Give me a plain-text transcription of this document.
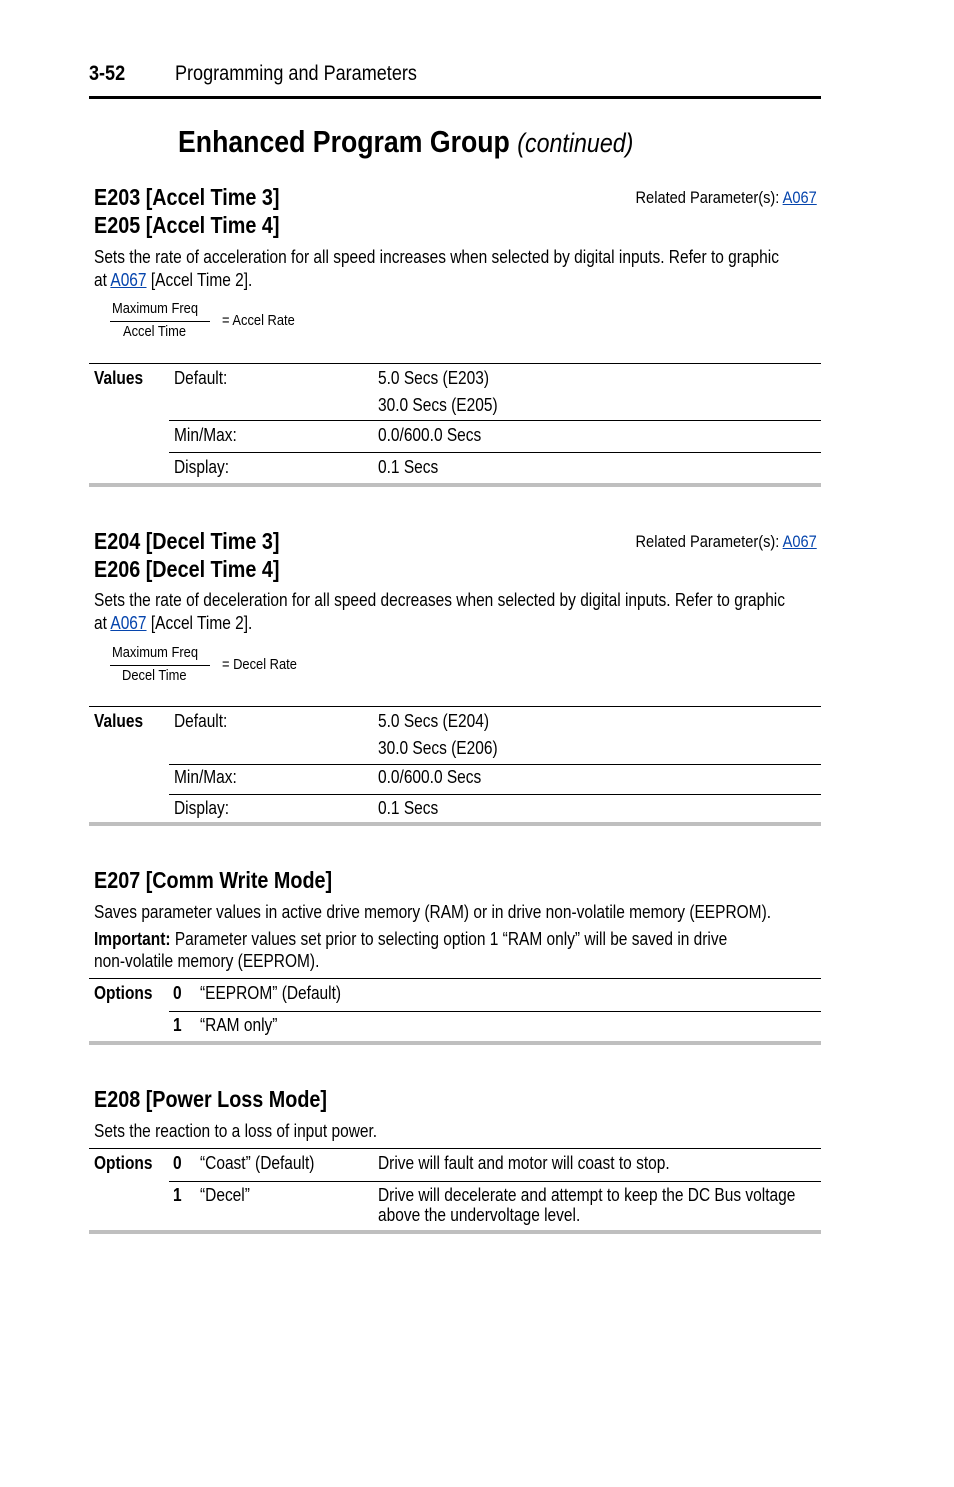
3-52 Programming and Parameters
Enhanced Program Group (continued)
E203 [Accel Time 3]
E205 [Accel Time 4]
Related Parameter(s): A067
Sets the rate of acceleration for all speed increases when selected by digital inputs. Refer to graphic
at A067 [Accel Time 2].
Maximum Freq
Accel Time
= Accel Rate
Values Default:	5.0 Secs (E203)
30.0 Secs (E205)
Min/Max:	0.0/600.0 Secs
Display:	0.1 Secs
E204 [Decel Time 3]
E206 [Decel Time 4]
Related Parameter(s): A067
Sets the rate of deceleration for all speed decreases when selected by digital inputs. Refer to graphic
at A067 [Accel Time 2].
Maximum Freq
Decel Time
= Decel Rate
Values Default:	5.0 Secs (E204)
30.0 Secs (E206)
Min/Max:	0.0/600.0 Secs
Display:	0.1 Secs
E207 [Comm Write Mode]
Saves parameter values in active drive memory (RAM) or in drive non-volatile memory (EEPROM).
Important: Parameter values set prior to selecting option 1 “RAM only” will be saved in drive
non-volatile memory (EEPROM).
Options 0 “EEPROM” (Default)
1 “RAM only”
E208 [Power Loss Mode]
Sets the reaction to a loss of input power.
Options 0 “Coast” (Default)	Drive will fault and motor will coast to stop.
1 “Decel”	Drive will decelerate and attempt to keep the DC Bus voltage
above the undervoltage level.
